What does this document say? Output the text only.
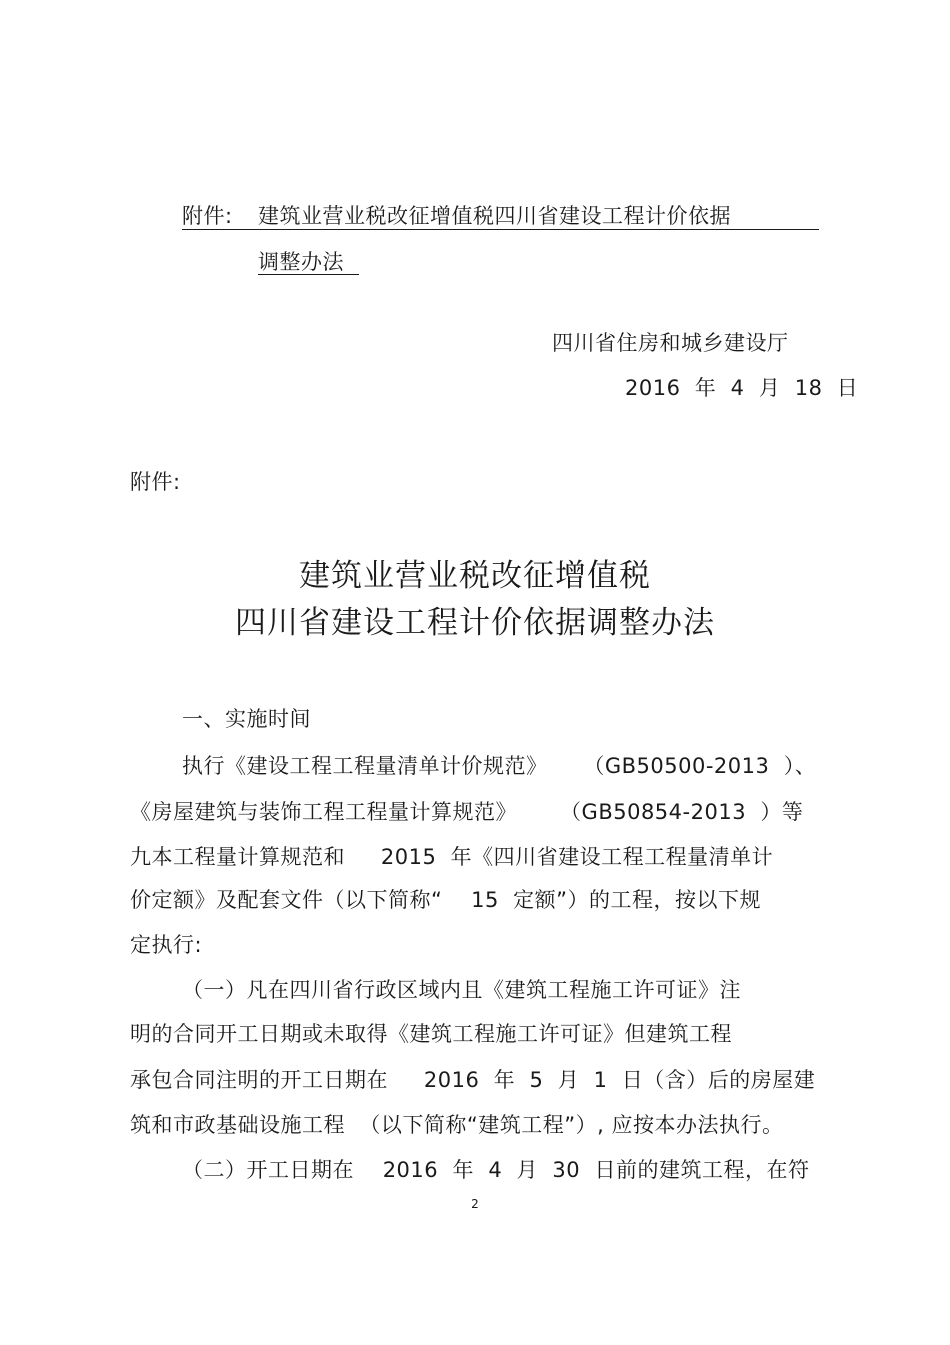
附件: 建筑业营业税改征增值税四川省建设工程计价依据
调整办法
四川省住房和城乡建设厅
2016  年  4  月  18  日
附件:
建筑业营业税改征增值税
四川省建设工程计价依据调整办法
一、实施时间
执行《建设工程工程量清单计价规范》     （GB50500-2013  ）、
《房屋建筑与装饰工程工程量计算规范》      （GB50854-2013  ）等
九本工程量计算规范和     2015  年《四川省建设工程工程量清单计
价定额》及配套文件（以下简称“    15  定额”）的工程，按以下规
定执行:
（一）凡在四川省行政区域内且《建筑工程施工许可证》注
明的合同开工日期或未取得《建筑工程施工许可证》但建筑工程
承包合同注明的开工日期在     2016  年  5  月  1  日（含）后的房屋建
筑和市政基础设施工程  （以下简称“建筑工程”）, 应按本办法执行。
（二）开工日期在    2016  年  4  月  30  日前的建筑工程，在符
2
